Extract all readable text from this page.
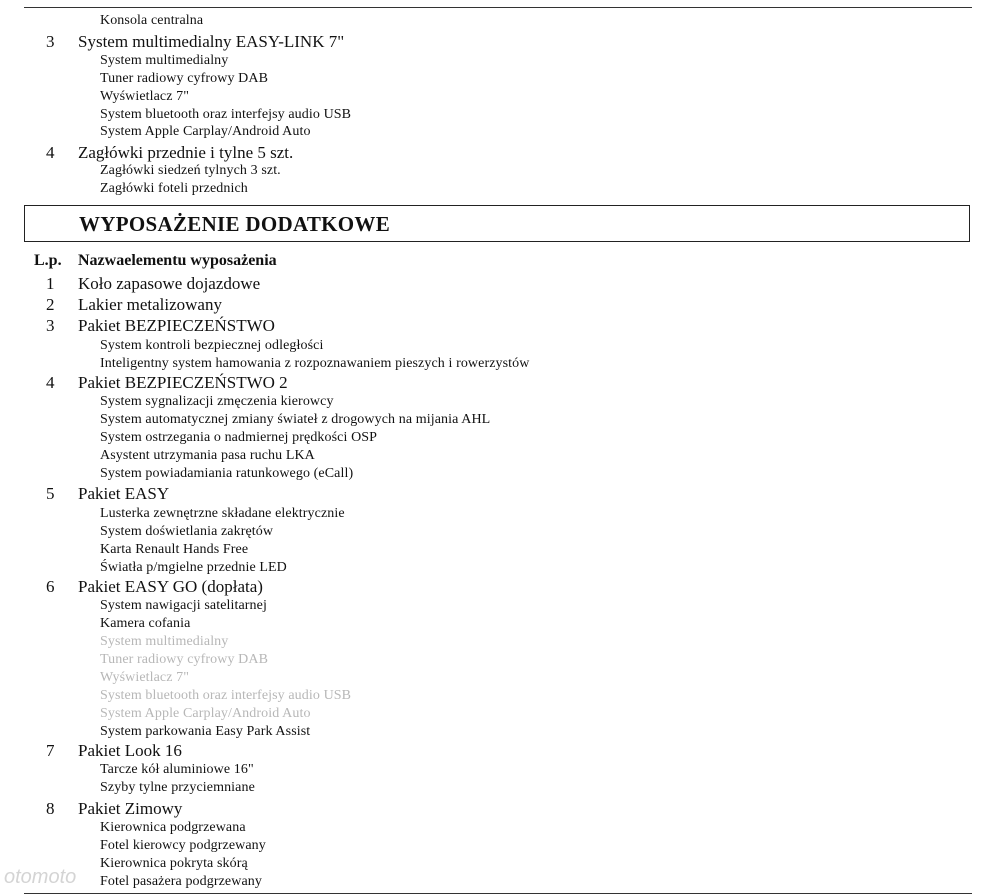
Konsola centralna
3 System multimedialny EASY-LINK 7"
System multimedialny
Tuner radiowy cyfrowy DAB
Wyświetlacz 7"
System bluetooth oraz interfejsy audio USB
System Apple Carplay/Android Auto
4 Zagłówki przednie i tylne 5 szt.
Zagłówki siedzeń tylnych 3 szt.
Zagłówki foteli przednich
WYPOSAŻENIE DODATKOWE
L.p. Nazwaelementu wyposażenia
1 Koło zapasowe dojazdowe
2 Lakier metalizowany
3 Pakiet BEZPIECZEŃSTWO
System kontroli bezpiecznej odległości
Inteligentny system hamowania z rozpoznawaniem pieszych i rowerzystów
4 Pakiet BEZPIECZEŃSTWO 2
System sygnalizacji zmęczenia kierowcy
System automatycznej zmiany świateł z drogowych na mijania AHL
System ostrzegania o nadmiernej prędkości OSP
Asystent utrzymania pasa ruchu LKA
System powiadamiania ratunkowego (eCall)
5 Pakiet EASY
Lusterka zewnętrzne składane elektrycznie
System doświetlania zakrętów
Karta Renault Hands Free
Światła p/mgielne przednie LED
6 Pakiet EASY GO (dopłata)
System nawigacji satelitarnej
Kamera cofania
System multimedialny
Tuner radiowy cyfrowy DAB
Wyświetlacz 7"
System bluetooth oraz interfejsy audio USB
System Apple Carplay/Android Auto
System parkowania Easy Park Assist
7 Pakiet Look 16
Tarcze kół aluminiowe 16"
Szyby tylne przyciemniane
8 Pakiet Zimowy
Kierownica podgrzewana
Fotel kierowcy podgrzewany
Kierownica pokryta skórą
Fotel pasażera podgrzewany
otomoto
